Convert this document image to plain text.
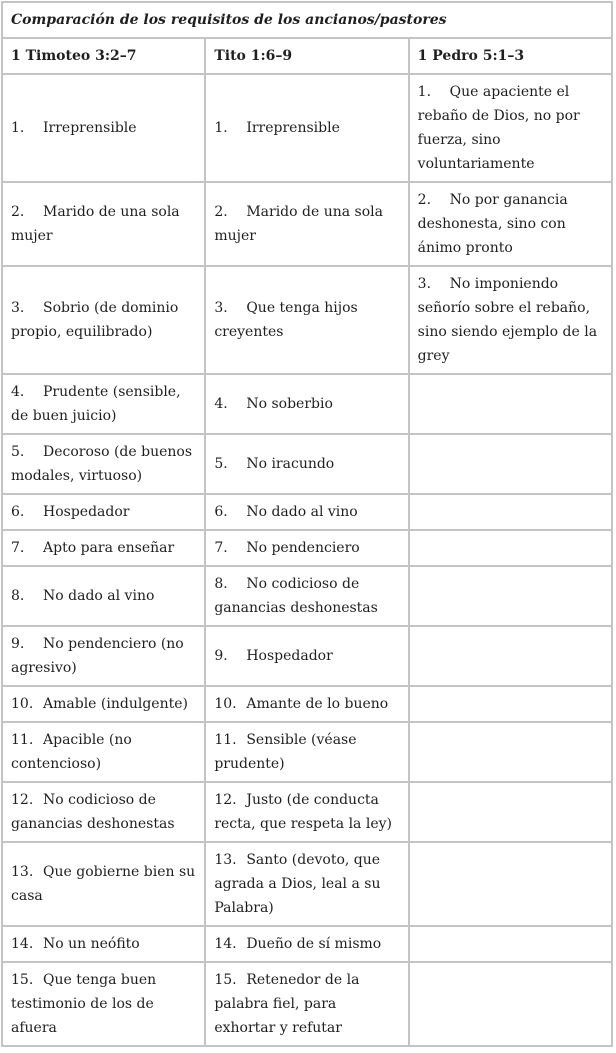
Comparación de los requisitos de los ancianos/pastores		
1 Timoteo 3:2–7	Tito 1:6–9	1 Pedro 5:1–3
1. Irreprensible	1. Irreprensible	1. Que apaciente el rebaño de Dios, no por fuerza, sino voluntariamente
2. Marido de una sola mujer	2. Marido de una sola mujer	2. No por ganancia deshonesta, sino con ánimo pronto
3. Sobrio (de dominio propio, equilibrado)	3. Que tenga hijos creyentes	3. No imponiendo señorío sobre el rebaño, sino siendo ejemplo de la grey
4. Prudente (sensible, de buen juicio)	4. No soberbio	
5. Decoroso (de buenos modales, virtuoso)	5. No iracundo	
6. Hospedador	6. No dado al vino	
7. Apto para enseñar	7. No pendenciero	
8. No dado al vino	8. No codicioso de ganancias deshonestas	
9. No pendenciero (no agresivo)	9. Hospedador	
10. Amable (indulgente)	10. Amante de lo bueno	
11. Apacible (no contencioso)	11. Sensible (véase prudente)	
12. No codicioso de ganancias deshonestas	12. Justo (de conducta recta, que respeta la ley)	
13. Que gobierne bien su casa	13. Santo (devoto, que agrada a Dios, leal a su Palabra)	
14. No un neófito	14. Dueño de sí mismo	
15. Que tenga buen testimonio de los de afuera	15. Retenedor de la palabra fiel, para exhortar y refutar	
